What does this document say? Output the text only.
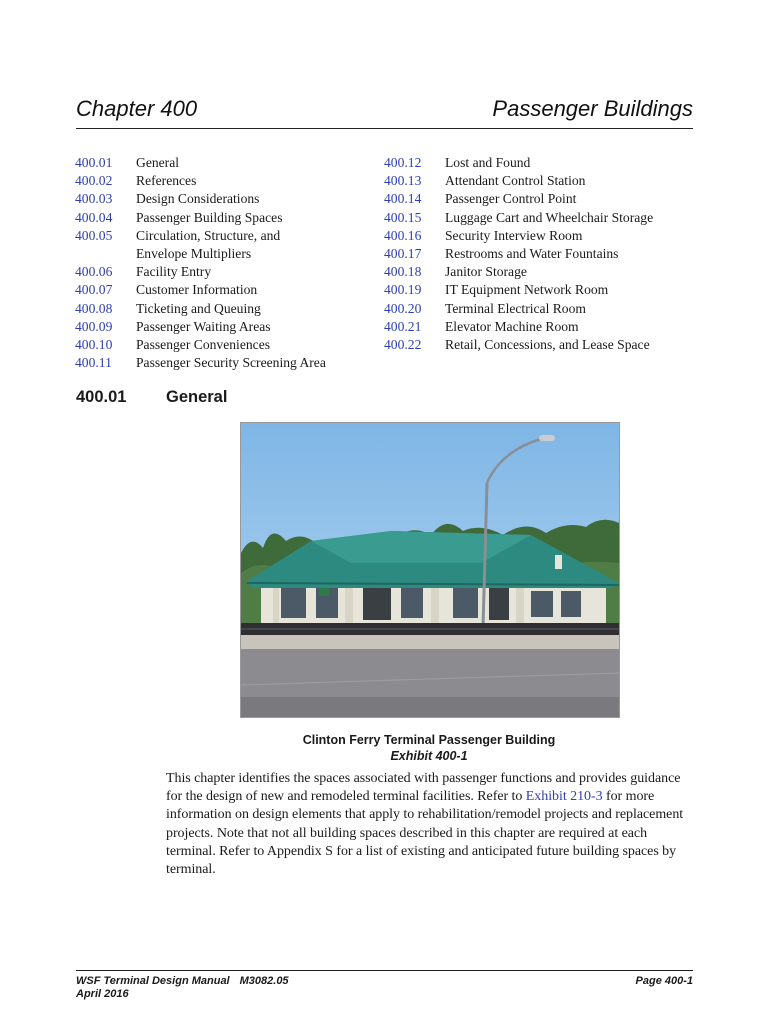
Chapter 400	Passenger Buildings
400.01	General
400.02	References
400.03	Design Considerations
400.04	Passenger Building Spaces
400.05	Circulation, Structure, and
Envelope Multipliers
400.06	Facility Entry
400.07	Customer Information
400.08	Ticketing and Queuing
400.09	Passenger Waiting Areas
400.10	Passenger Conveniences
400.11	Passenger Security Screening Area
400.12	Lost and Found
400.13	Attendant Control Station
400.14	Passenger Control Point
400.15	Luggage Cart and Wheelchair Storage
400.16	Security Interview Room
400.17	Restrooms and Water Fountains
400.18	Janitor Storage
400.19	IT Equipment Network Room
400.20	Terminal Electrical Room
400.21	Elevator Machine Room
400.22	Retail, Concessions, and Lease Space
400.01 General
Clinton Ferry Terminal Passenger Building
Exhibit 400-1
This chapter identifies the spaces associated with passenger functions and provides guidance for the design of new and remodeled terminal facilities. Refer to Exhibit 210-3 for more information on design elements that apply to rehabilitation/remodel projects and replacement projects. Note that not all building spaces described in this chapter are required at each terminal. Refer to Appendix S for a list of existing and anticipated future building spaces by terminal.
WSF Terminal Design Manual M3082.05	Page 400-1
April 2016
